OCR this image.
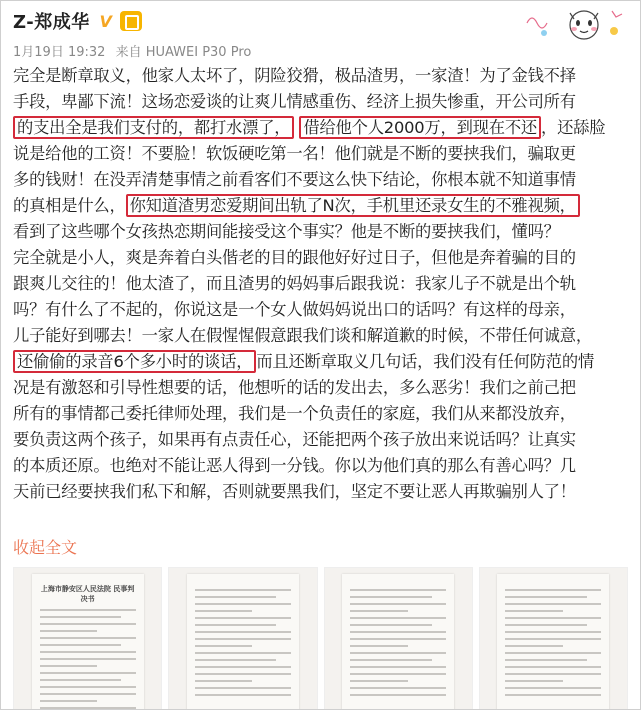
Z-郑成华 V
1月19日 19:32 来自 HUAWEI P30 Pro
完全是断章取义，他家人太坏了，阴险狡猾，极品渣男，一家渣！为了金钱不择
手段，卑鄙下流！这场恋爱谈的让爽儿情感重伤、经济上损失惨重，开公司所有
的支出全是我们支付的，都打水漂了， 借给他个人2000万，到现在不还 ，还舔脸
说是给他的工资！不要脸！软饭硬吃第一名！他们就是不断的要挟我们，骗取更
多的钱财！在没弄清楚事情之前看客们不要这么快下结论，你根本就不知道事情
的真相是什么， 你知道渣男恋爱期间出轨了N次，手机里还录女生的不雅视频，
看到了这些哪个女孩热恋期间能接受这个事实？他是不断的要挟我们，懂吗？
完全就是小人，爽是奔着白头偕老的目的跟他好好过日子，但他是奔着骗的目的
跟爽儿交往的！他太渣了，而且渣男的妈妈事后跟我说：我家儿子不就是出个轨
吗？有什么了不起的，你说这是一个女人做妈妈说出口的话吗？有这样的母亲，
儿子能好到哪去！一家人在假惺惺假意跟我们谈和解道歉的时候，不带任何诚意，
还偷偷的录音6个多小时的谈话， 而且还断章取义几句话，我们没有任何防范的情
况是有激怒和引导性想要的话，他想听的话的发出去，多么恶劣！我们之前己把
所有的事情都己委托律师处理，我们是一个负责任的家庭，我们从来都没放弃，
要负责这两个孩子，如果再有点责任心，还能把两个孩子放出来说话吗？让真实
的本质还原。也绝对不能让恶人得到一分钱。你以为他们真的那么有善心吗？几
天前已经要挟我们私下和解，否则就要黑我们，坚定不要让恶人再欺骗别人了！
收起全文
上海市静安区人民法院 民事判决书
